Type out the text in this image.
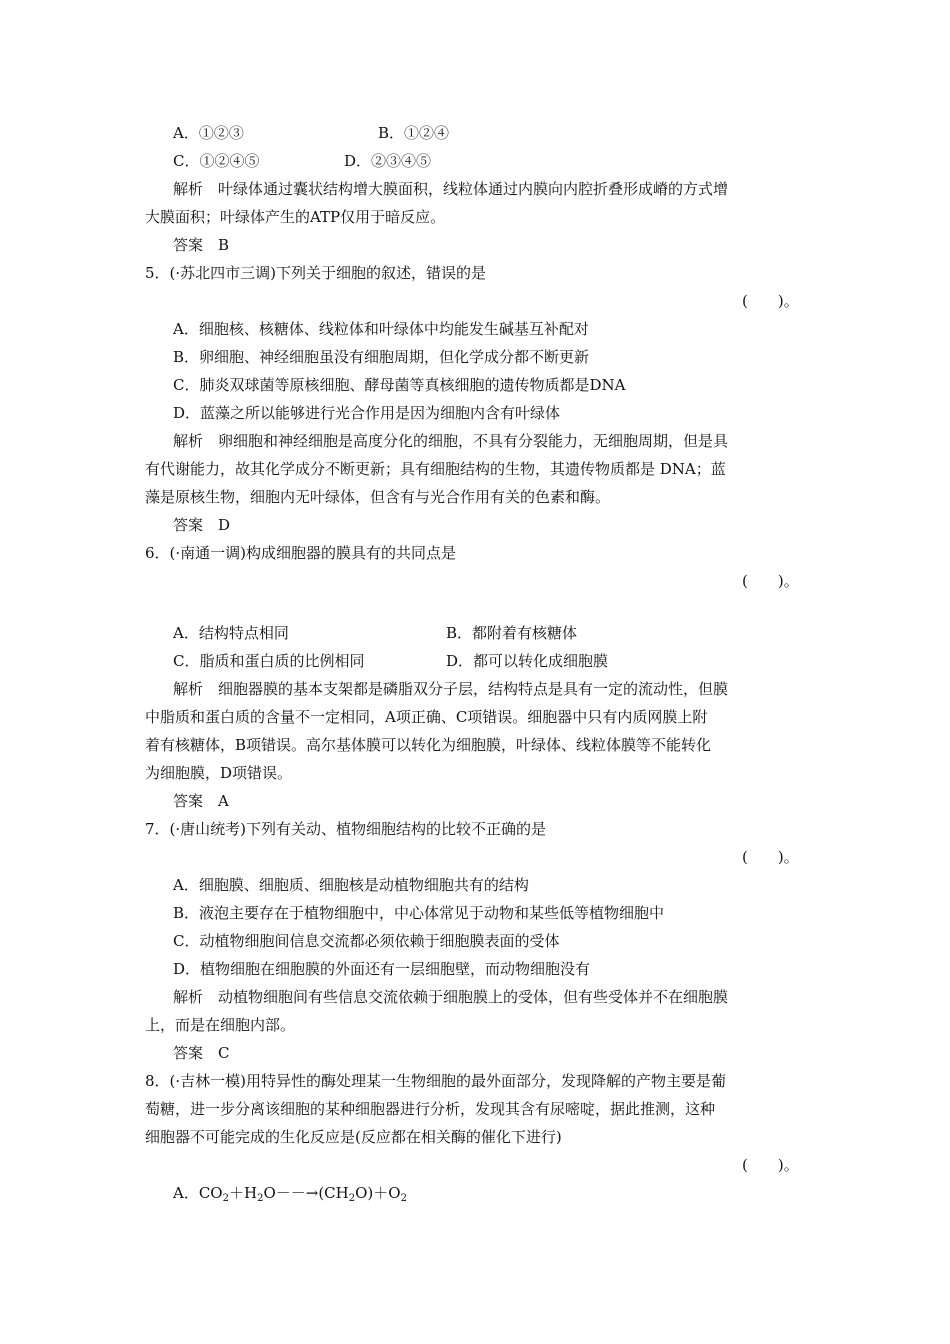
A．①②③	B．①②④
C．①②④⑤	D．②③④⑤
解析　叶绿体通过囊状结构增大膜面积，线粒体通过内膜向内腔折叠形成嵴的方式增
大膜面积；叶绿体产生的ATP仅用于暗反应。
答案　B
5．(·苏北四市三调)下列关于细胞的叙述，错误的是
(　　)。
A．细胞核、核糖体、线粒体和叶绿体中均能发生碱基互补配对
B．卵细胞、神经细胞虽没有细胞周期，但化学成分都不断更新
C．肺炎双球菌等原核细胞、酵母菌等真核细胞的遗传物质都是DNA
D．蓝藻之所以能够进行光合作用是因为细胞内含有叶绿体
解析　卵细胞和神经细胞是高度分化的细胞，不具有分裂能力，无细胞周期，但是具
有代谢能力，故其化学成分不断更新；具有细胞结构的生物，其遗传物质都是 DNA；蓝
藻是原核生物，细胞内无叶绿体，但含有与光合作用有关的色素和酶。
答案　D
6．(·南通一调)构成细胞器的膜具有的共同点是
(　　)。
A．结构特点相同	B．都附着有核糖体
C．脂质和蛋白质的比例相同	D．都可以转化成细胞膜
解析　细胞器膜的基本支架都是磷脂双分子层，结构特点是具有一定的流动性，但膜
中脂质和蛋白质的含量不一定相同，A项正确、C项错误。细胞器中只有内质网膜上附
着有核糖体，B项错误。高尔基体膜可以转化为细胞膜，叶绿体、线粒体膜等不能转化
为细胞膜，D项错误。
答案　A
7．(·唐山统考)下列有关动、植物细胞结构的比较不正确的是
(　　)。
A．细胞膜、细胞质、细胞核是动植物细胞共有的结构
B．液泡主要存在于植物细胞中，中心体常见于动物和某些低等植物细胞中
C．动植物细胞间信息交流都必须依赖于细胞膜表面的受体
D．植物细胞在细胞膜的外面还有一层细胞壁，而动物细胞没有
解析　动植物细胞间有些信息交流依赖于细胞膜上的受体，但有些受体并不在细胞膜
上，而是在细胞内部。
答案　C
8．(·吉林一模)用特异性的酶处理某一生物细胞的最外面部分，发现降解的产物主要是葡
萄糖，进一步分离该细胞的某种细胞器进行分析，发现其含有尿嘧啶，据此推测，这种
细胞器不可能完成的生化反应是(反应都在相关酶的催化下进行)
(　　)。
A．$CO_2+H_2O--\to(CH_2O)+O_2$
